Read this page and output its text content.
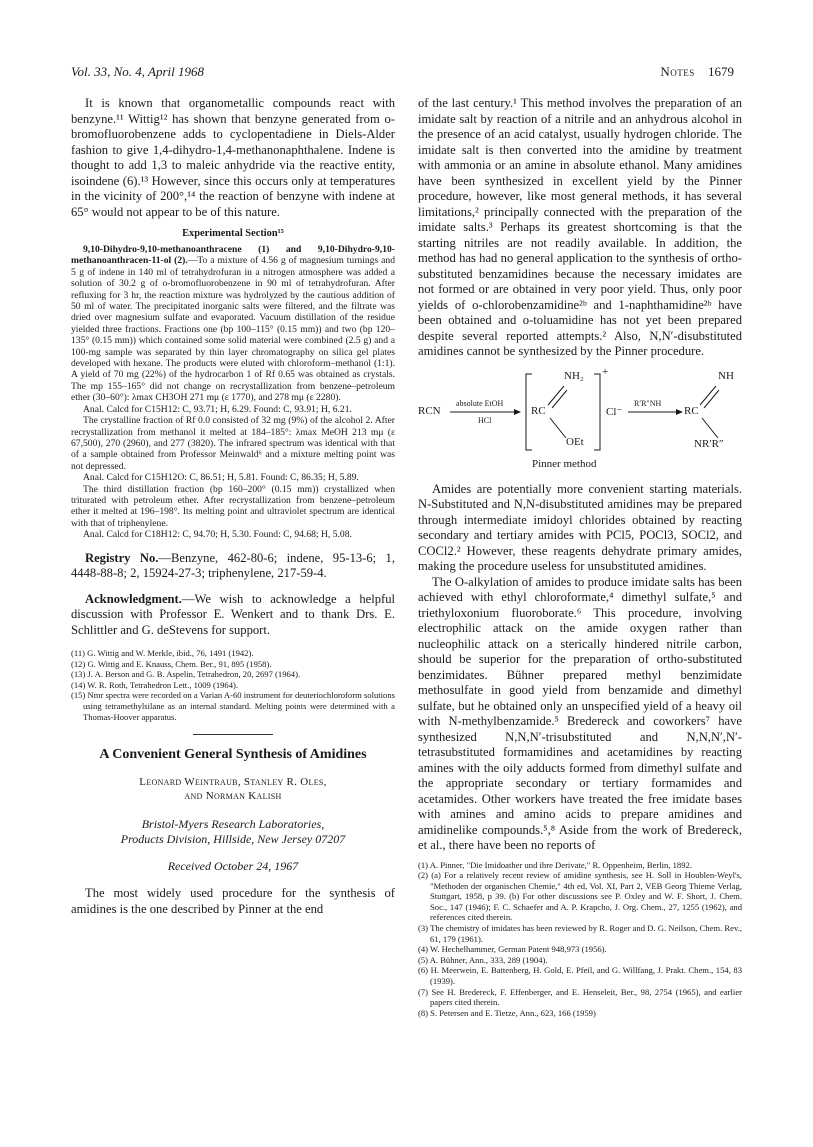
Vol. 33, No. 4, April 1968	Notes 1679

It is known that organometallic compounds react with benzyne.¹¹ Wittig¹² has shown that benzyne generated from o-bromofluorobenzene adds to cyclopentadiene in Diels-Alder fashion to give 1,4-dihydro-1,4-methanonaphthalene. Indene is thought to add 1,3 to maleic anhydride via the reactive entity, isoindene (6).¹³ However, since this occurs only at temperatures in the vicinity of 200°,¹⁴ the reaction of benzyne with indene at 65° would not appear to be of this nature.

Experimental Section¹⁵

9,10-Dihydro-9,10-methanoanthracene (1) and 9,10-Dihydro-9,10-methanoanthracen-11-ol (2).—To a mixture of 4.56 g of magnesium turnings and 5 g of indene in 140 ml of tetrahydrofuran in a nitrogen atmosphere was added a solution of 30.2 g of o-bromofluorobenzene in 90 ml of tetrahydrofuran. After refluxing for 3 hr, the reaction mixture was hydrolyzed by the cautious addition of 50 ml of water. The precipitated inorganic salts were filtered, and the filtrate was dried over magnesium sulfate and evaporated. Vacuum distillation of the residue yielded three fractions. Fractions one (bp 100–115° (0.15 mm)) and two (bp 120–135° (0.15 mm)) which contained some solid material were combined (2.5 g) and a 100-mg sample was separated by thin layer chromatography on silica gel plates developed with hexane. The products were eluted with chloroform–methanol (1:1). A yield of 70 mg (22%) of the hydrocarbon 1 of Rf 0.65 was obtained as crystals. The mp 155–165° did not change on recrystallization from benzene–petroleum ether (30–60°): λmax CH3OH 271 mμ (ε 1770), and 278 mμ (ε 2280).

Anal. Calcd for C15H12: C, 93.71; H, 6.29. Found: C, 93.91; H, 6.21.

The crystalline fraction of Rf 0.0 consisted of 32 mg (9%) of the alcohol 2. After recrystallization from methanol it melted at 184–185°: λmax MeOH 213 mμ (ε 67,500), 270 (2960), and 277 (3820). The infrared spectrum was identical with that of a sample obtained from Professor Meinwald⁶ and a mixture melting point was not depressed.

Anal. Calcd for C15H12O: C, 86.51; H, 5.81. Found: C, 86.35; H, 5.89.

The third distillation fraction (bp 160–200° (0.15 mm)) crystallized when triturated with petroleum ether. After recrystallization from benzene–petroleum ether it melted at 196–198°. Its melting point and ultraviolet spectrum are identical with that of triphenylene.

Anal. Calcd for C18H12: C, 94.70; H, 5.30. Found: C, 94.68; H, 5.08.

Registry No.—Benzyne, 462-80-6; indene, 95-13-6; 1, 4448-88-8; 2, 15924-27-3; triphenylene, 217-59-4.

Acknowledgment.—We wish to acknowledge a helpful discussion with Professor E. Wenkert and to thank Drs. E. Schlittler and G. deStevens for support.

(11) G. Wittig and W. Merkle, ibid., 76, 1491 (1942).

(12) G. Wittig and E. Knauss, Chem. Ber., 91, 895 (1958).

(13) J. A. Berson and G. B. Aspelin, Tetrahedron, 20, 2697 (1964).

(14) W. R. Roth, Tetrahedron Lett., 1009 (1964).

(15) Nmr spectra were recorded on a Varian A-60 instrument for deuteriochloroform solutions using tetramethylsilane as an internal standard. Melting points were determined with a Thomas-Hoover apparatus.

A Convenient General Synthesis of Amidines
Leonard Weintraub, Stanley R. Oles,
and Norman Kalish
Bristol-Myers Research Laboratories,
Products Division, Hillside, New Jersey 07207
Received October 24, 1967

The most widely used procedure for the synthesis of amidines is the one described by Pinner at the end

of the last century.¹ This method involves the preparation of an imidate salt by reaction of a nitrile and an anhydrous alcohol in the presence of an acid catalyst, usually hydrogen chloride. The imidate salt is then converted into the amidine by treatment with ammonia or an amine in absolute ethanol. Many amidines have been synthesized in excellent yield by the Pinner procedure, however, like most general methods, it has several limitations,² principally connected with the preparation of the imidate salts.³ Perhaps its greatest shortcoming is that the starting nitriles are not readily available. In addition, the method has had no general application to the synthesis of ortho-substituted benzamidines because the necessary imidates are not formed or are obtained in very poor yield. Thus, only poor yields of o-chlorobenzamidine²ᵇ and 1-naphthamidine²ᵇ have been obtained and o-toluamidine has not yet been prepared despite several reported attempts.² Also, N,N′-disubstituted amidines cannot be synthesized by the Pinner procedure.

RCN
absolute EtOH
HCl
NH₂ +
RC
OEt
Cl⁻
R′R″NH
NH
RC
NR′R″
Pinner method

Amides are potentially more convenient starting materials. N-Substituted and N,N-disubstituted amidines may be prepared through intermediate imidoyl chlorides obtained by reacting secondary and tertiary amides with PCl5, POCl3, SOCl2, and COCl2.² However, these reagents dehydrate primary amides, making the procedure useless for unsubstituted amidines.

The O-alkylation of amides to produce imidate salts has been achieved with ethyl chloroformate,⁴ dimethyl sulfate,⁵ and triethyloxonium fluoroborate.⁶ This procedure, involving electrophilic attack on the amide oxygen rather than nucleophilic attack on a sterically hindered nitrile carbon, should be superior for the preparation of ortho-substituted benzimidates. Bühner prepared methyl benzimidate methosulfate in good yield from benzamide and dimethyl sulfate, but he obtained only an unspecified yield of a heavy oil with N-methylbenzamide.⁵ Bredereck and coworkers⁷ have synthesized N,N,N′-trisubstituted and N,N,N′,N′-tetrasubstituted formamidines and acetamidines by reacting amines with the oily adducts formed from dimethyl sulfate and the appropriate secondary or tertiary formamides and acetamides. Other workers have treated the free imidate bases with amines and amino acids to prepare amidines and amidinelike compounds.⁵,⁸ Aside from the work of Bredereck, et al., there have been no reports of

(1) A. Pinner, "Die Imidoather und ihre Derivate," R. Oppenheim, Berlin, 1892.

(2) (a) For a relatively recent review of amidine synthesis, see H. Soll in Houblen-Weyl's, "Methoden der organischen Chemie," 4th ed, Vol. XI, Part 2, VEB Georg Thieme Verlag, Stuttgart, 1958, p 39. (b) For other discussions see P. Oxley and W. F. Short, J. Chem. Soc., 147 (1946); F. C. Schaefer and A. P. Krapcho, J. Org. Chem., 27, 1255 (1962), and references cited therein.

(3) The chemistry of imidates has been reviewed by R. Roger and D. G. Neilson, Chem. Rev., 61, 179 (1961).

(4) W. Hechelhammer, German Patent 948,973 (1956).

(5) A. Bühner, Ann., 333, 289 (1904).

(6) H. Meerwein, E. Battenberg, H. Gold, E. Pfeil, and G. Willfang, J. Prakt. Chem., 154, 83 (1939).

(7) See H. Bredereck, F. Effenberger, and E. Henseleit, Ber., 98, 2754 (1965), and earlier papers cited therein.

(8) S. Petersen and E. Tietze, Ann., 623, 166 (1959)
